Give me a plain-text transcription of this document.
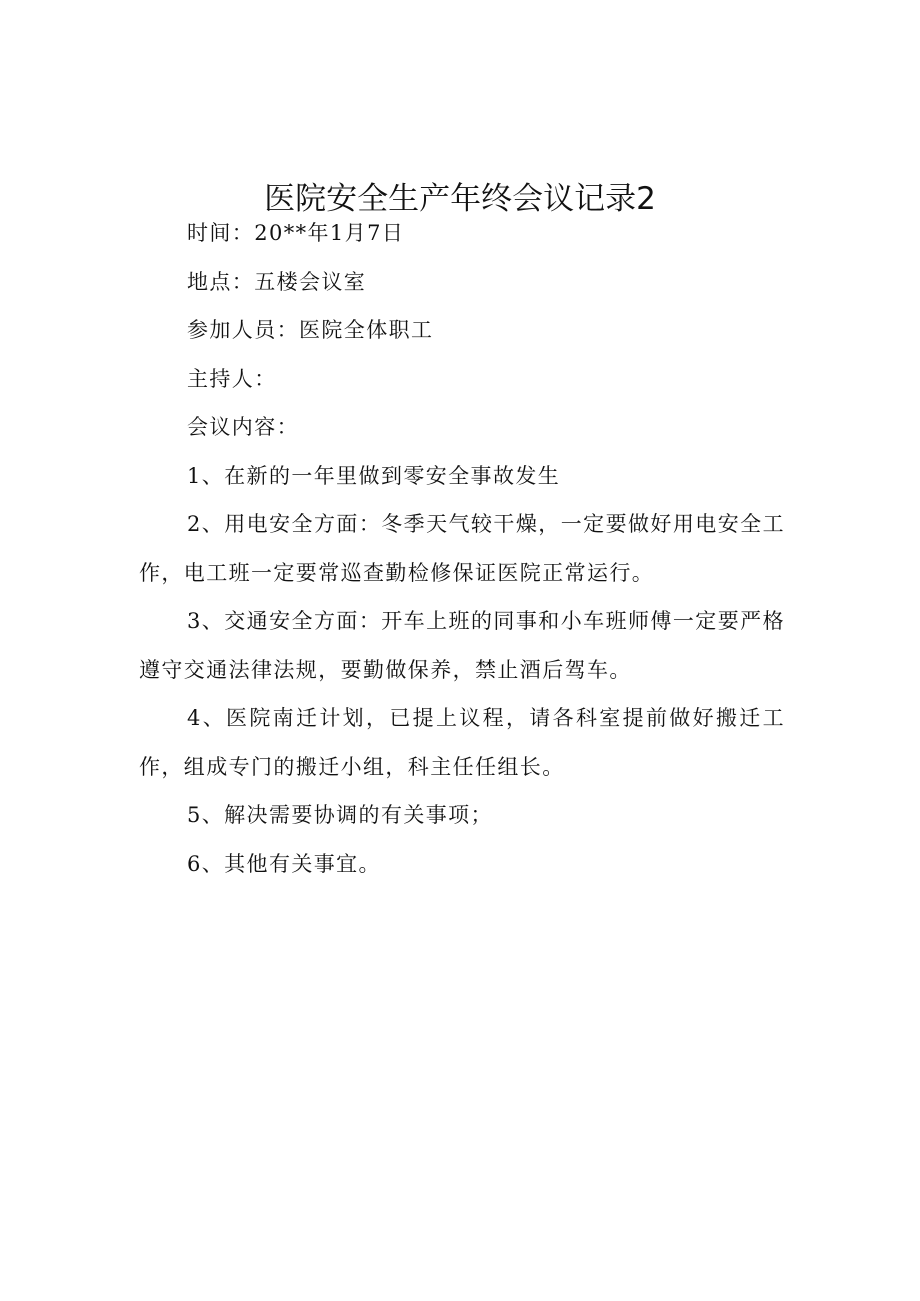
医院安全生产年终会议记录2

时间：20**年1月7日

地点：五楼会议室

参加人员：医院全体职工

主持人：

会议内容：

1、在新的一年里做到零安全事故发生

2、用电安全方面：冬季天气较干燥，一定要做好用电安全工作，电工班一定要常巡查勤检修保证医院正常运行。

3、交通安全方面：开车上班的同事和小车班师傅一定要严格遵守交通法律法规，要勤做保养，禁止酒后驾车。

4、医院南迁计划，已提上议程，请各科室提前做好搬迁工作，组成专门的搬迁小组，科主任任组长。

5、解决需要协调的有关事项；

6、其他有关事宜。
